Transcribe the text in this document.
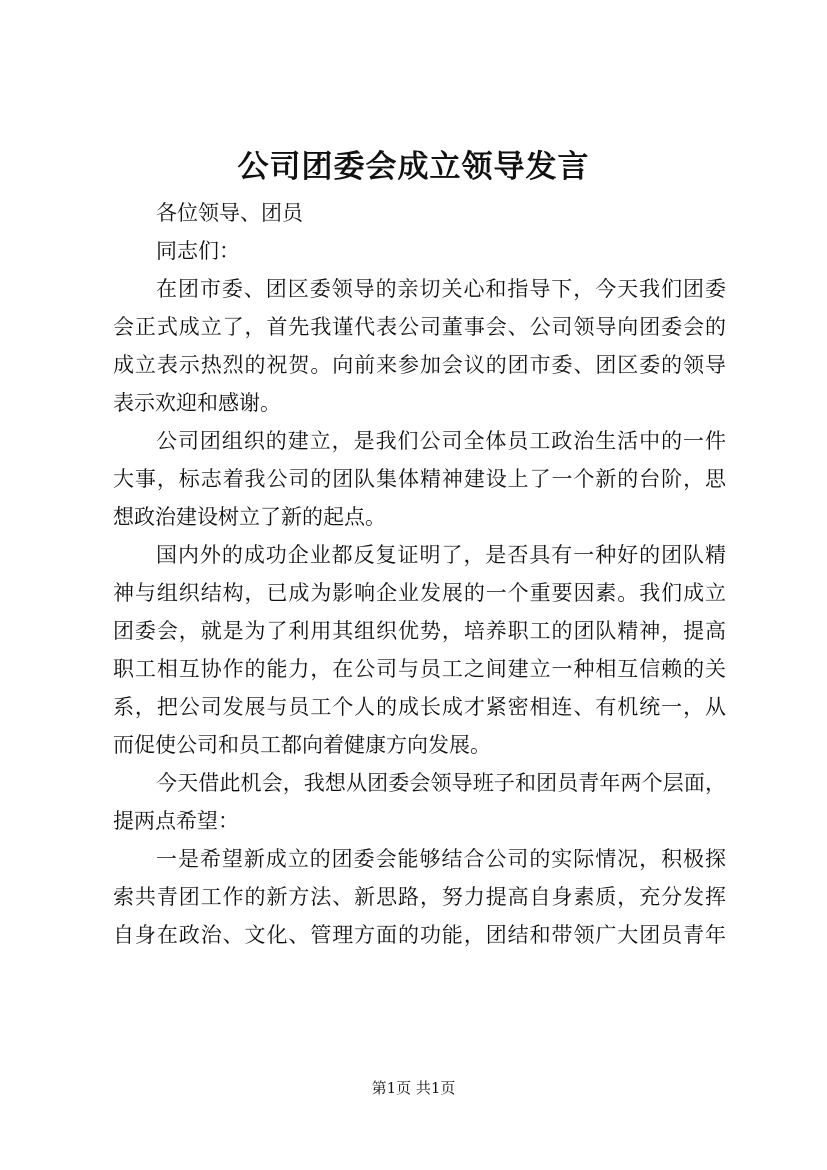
公司团委会成立领导发言
各位领导、团员
同志们：
在团市委、团区委领导的亲切关心和指导下，今天我们团委
会正式成立了，首先我谨代表公司董事会、公司领导向团委会的
成立表示热烈的祝贺。向前来参加会议的团市委、团区委的领导
表示欢迎和感谢。
公司团组织的建立，是我们公司全体员工政治生活中的一件
大事，标志着我公司的团队集体精神建设上了一个新的台阶，思
想政治建设树立了新的起点。
国内外的成功企业都反复证明了，是否具有一种好的团队精
神与组织结构，已成为影响企业发展的一个重要因素。我们成立
团委会，就是为了利用其组织优势，培养职工的团队精神，提高
职工相互协作的能力，在公司与员工之间建立一种相互信赖的关
系，把公司发展与员工个人的成长成才紧密相连、有机统一，从
而促使公司和员工都向着健康方向发展。
今天借此机会，我想从团委会领导班子和团员青年两个层面，
提两点希望：
一是希望新成立的团委会能够结合公司的实际情况，积极探
索共青团工作的新方法、新思路，努力提高自身素质，充分发挥
自身在政治、文化、管理方面的功能，团结和带领广大团员青年
第1页 共1页
